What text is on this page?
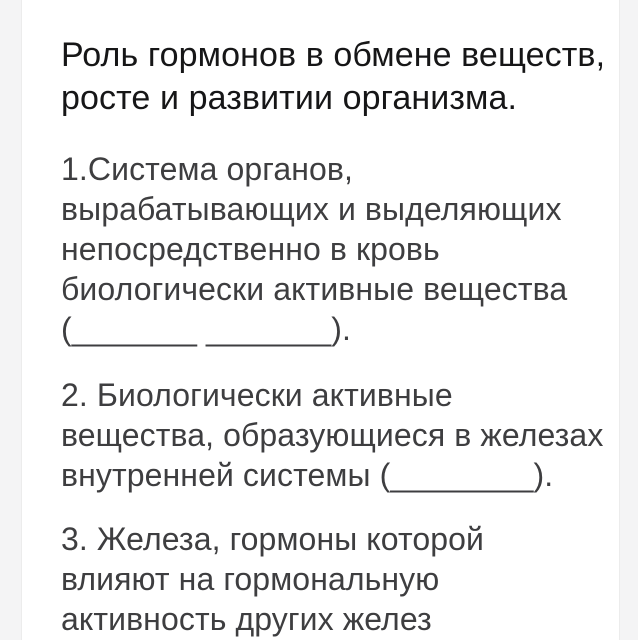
Роль гормонов в обмене веществ,
росте и развитии организма.
1.Система органов,
вырабатывающих и выделяющих
непосредственно в кровь
биологически активные вещества
(_______ _______).
2. Биологически активные
вещества, образующиеся в железах
внутренней системы (________).
3. Железа, гормоны которой
влияют на гормональную
активность других желез
